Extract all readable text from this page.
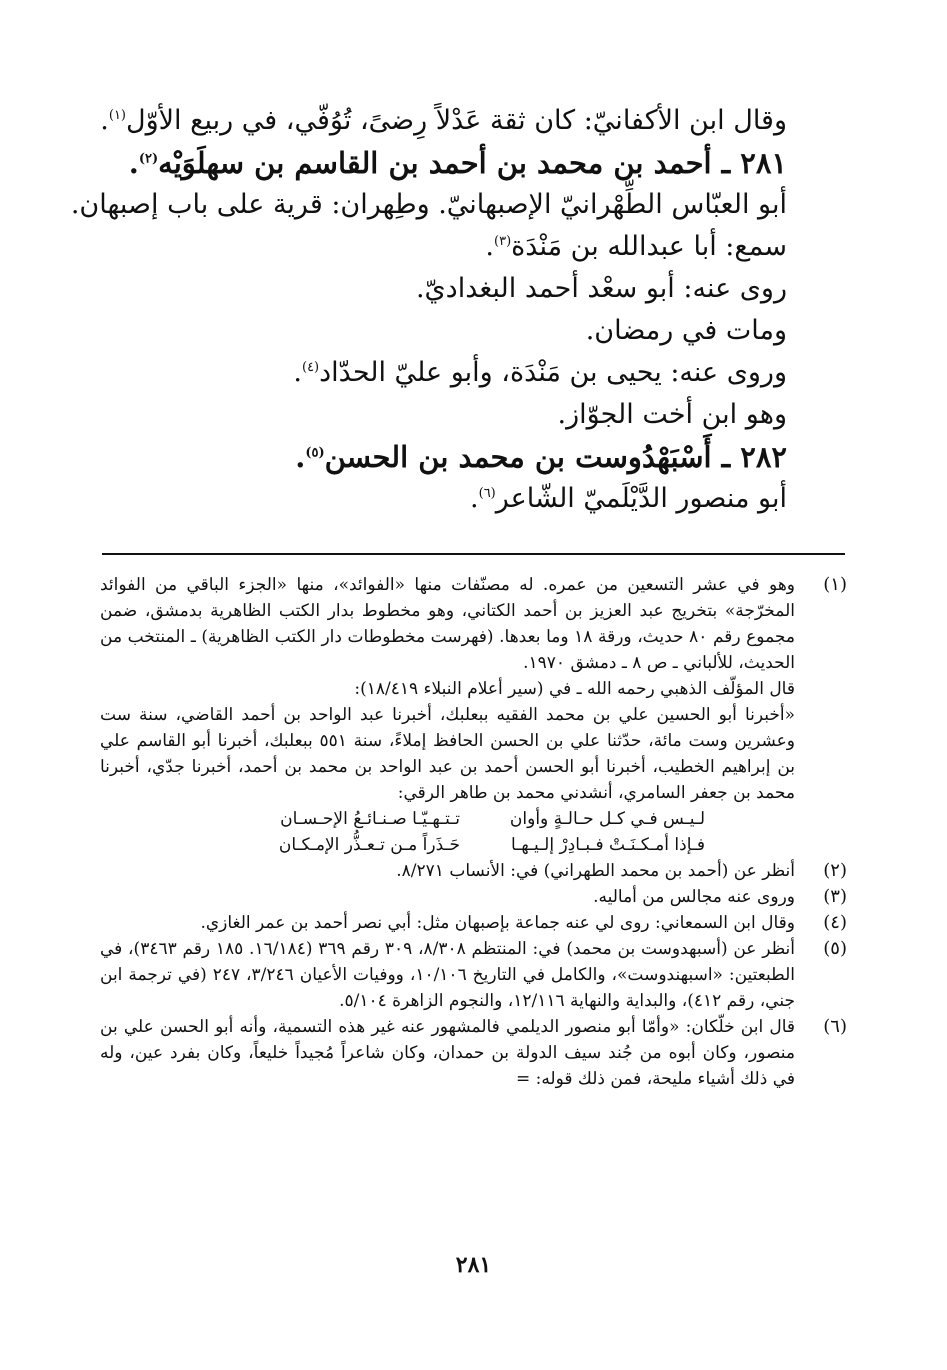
وقال ابن الأكفانيّ: كان ثقة عَدْلاً رِضىً، تُوُفّي، في ربيع الأوّل$^{(١)}$.
٢٨١ ـ أحمد بن محمد بن أحمد بن القاسم بن سهلَوَيْه$^{(٢)}$.
أبو العبّاس الطِّهْرانيّ الإصبهانيّ. وطِهران: قرية على باب إصبهان.
سمع: أبا عبدالله بن مَنْدَة$^{(٣)}$.
روى عنه: أبو سعْد أحمد البغداديّ.
ومات في رمضان.
وروى عنه: يحيى بن مَنْدَة، وأبو عليّ الحدّاد$^{(٤)}$.
وهو ابن أخت الجوّاز.
٢٨٢ ـ أَسْبَهْدُوست بن محمد بن الحسن$^{(٥)}$.
أبو منصور الدَّيْلَميّ الشّاعر$^{(٦)}$.
(١)

وهو في عشر التسعين من عمره. له مصنّفات منها «الفوائد»، منها «الجزء الباقي من الفوائد المخرّجة» بتخريج عبد العزيز بن أحمد الكتاني، وهو مخطوط بدار الكتب الظاهرية بدمشق، ضمن مجموع رقم ٨٠ حديث، ورقة ١٨ وما بعدها. (فهرست مخطوطات دار الكتب الظاهرية) ـ المنتخب من الحديث، للألباني ـ ص ٨ ـ دمشق ١٩٧٠.

قال المؤلّف الذهبي رحمه الله ـ في (سير أعلام النبلاء ١٨/٤١٩):

«أخبرنا أبو الحسين علي بن محمد الفقيه ببعلبك، أخبرنا عبد الواحد بن أحمد القاضي، سنة ست وعشرين وست مائة، حدّثنا علي بن الحسن الحافظ إملاءً، سنة ٥٥١ ببعلبك، أخبرنا أبو القاسم علي بن إبراهيم الخطيب، أخبرنا أبو الحسن أحمد بن عبد الواحد بن محمد بن أحمد، أخبرنا جدّي، أخبرنا محمد بن جعفر السامري، أنشدني محمد بن طاهر الرقي:

لـيـس فـي كـل حـالـةٍ وأوان
تـتـهـيّـا صـنـائـعُ الإحـسـان
فـإذا أمـكـنَـتْ فـبـادِرْ إلـيـهـا
حَـذَراً مـن تـعـذُّر الإمـكـان
(٢)

أنظر عن (أحمد بن محمد الطهراني) في: الأنساب ٨/٢٧١.

(٣)

وروى عنه مجالس من أماليه.

(٤)

وقال ابن السمعاني: روى لي عنه جماعة بإصبهان مثل: أبي نصر أحمد بن عمر الغازي.

(٥)

أنظر عن (أسبهدوست بن محمد) في: المنتظم ٨/٣٠٨، ٣٠٩ رقم ٣٦٩ (١٦/١٨٤. ١٨٥ رقم ٣٤٦٣)، في الطبعتين: «اسبهندوست»، والكامل في التاريخ ١٠/١٠٦، ووفيات الأعيان ٣/٢٤٦، ٢٤٧ (في ترجمة ابن جني، رقم ٤١٢)، والبداية والنهاية ١٢/١١٦، والنجوم الزاهرة ٥/١٠٤.

(٦)

قال ابن خلّكان: «وأمّا أبو منصور الديلمي فالمشهور عنه غير هذه التسمية، وأنه أبو الحسن علي بن منصور، وكان أبوه من جُند سيف الدولة بن حمدان، وكان شاعراً مُجيداً خليعاً، وكان بفرد عين، وله في ذلك أشياء مليحة، فمن ذلك قوله: =

٢٨١
